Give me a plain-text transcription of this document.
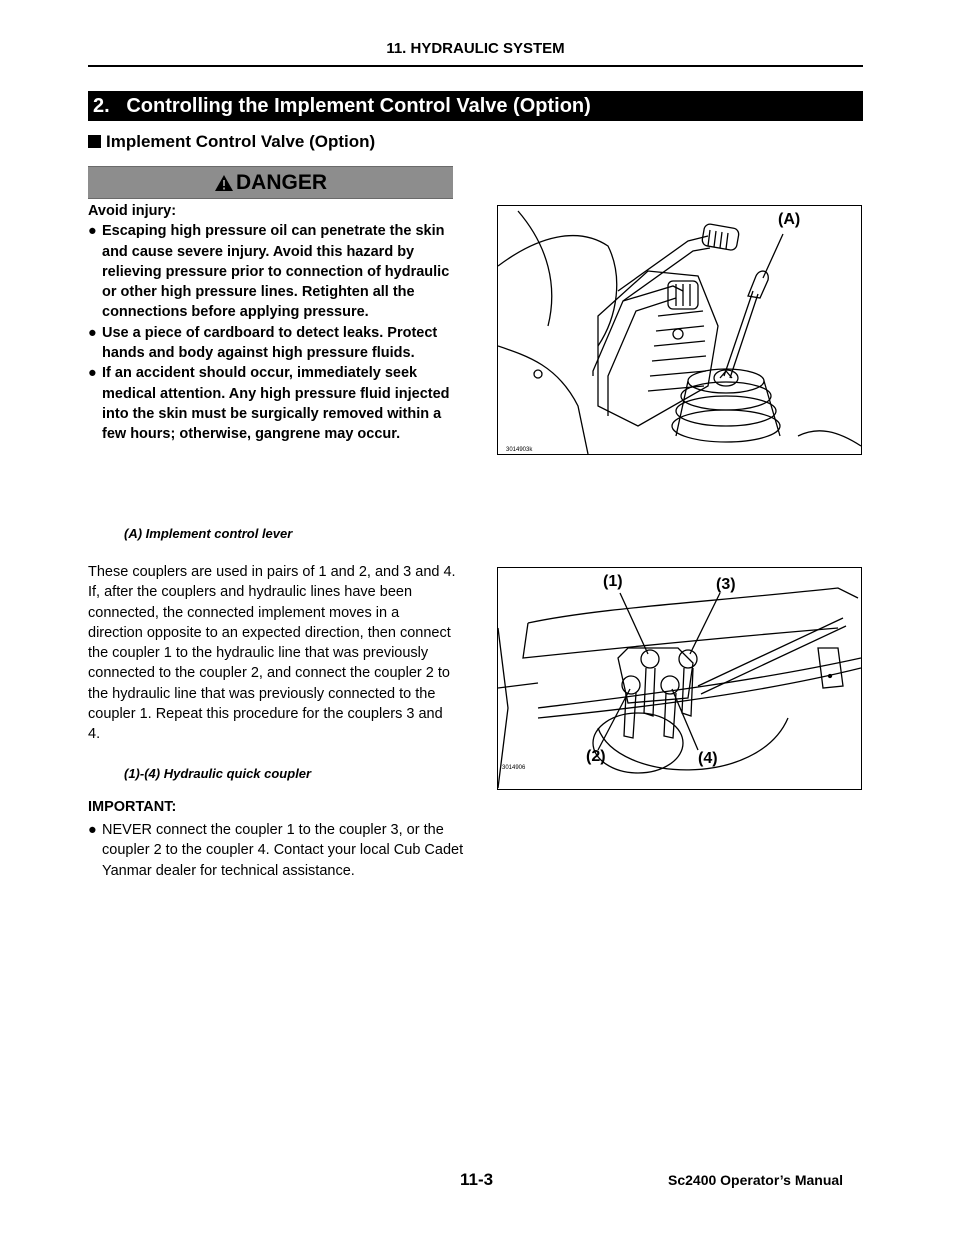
11. HYDRAULIC SYSTEM
2.   Controlling the Implement Control Valve (Option)
Implement Control Valve (Option)
DANGER
Avoid injury:
● Escaping high pressure oil can penetrate the skin and cause severe injury. Avoid this hazard by relieving pressure prior to connection of hydraulic or other high pressure lines. Retighten all the connections before applying pressure.
● Use a piece of cardboard to detect leaks. Protect hands and body against high pressure fluids.
● If an accident should occur, immediately seek medical attention. Any high pressure fluid injected into the skin must be surgically removed within a few hours; otherwise, gangrene may occur.
(A)
3014903k
(A) Implement control lever
These couplers are used in pairs of 1 and 2, and 3 and 4. If, after the couplers and hydraulic lines have been connected, the connected implement moves in a direction opposite to an expected direction, then connect the coupler 1 to the hydraulic line that was previously connected to the coupler 2, and connect the coupler 2 to the hydraulic line that was previously connected to the coupler 1. Repeat this procedure for the couplers 3 and 4.
(1)	(3)
(2)	(4)
3014906
(1)-(4) Hydraulic quick coupler
IMPORTANT:
● NEVER connect the coupler 1 to the coupler 3, or the coupler 2 to the coupler 4. Contact your local Cub Cadet Yanmar dealer for technical assistance.
11-3	Sc2400 Operator’s Manual
